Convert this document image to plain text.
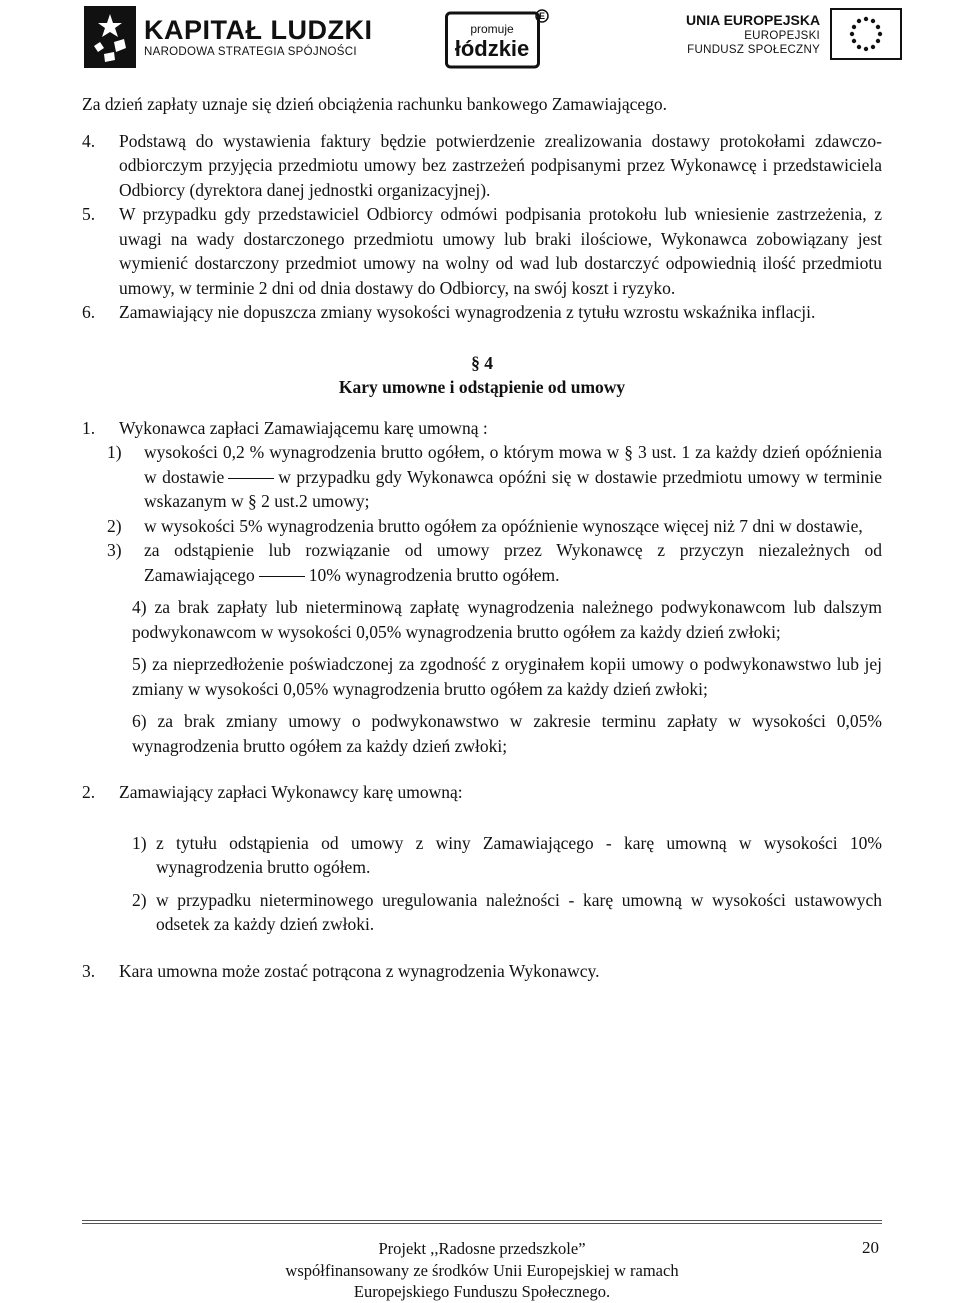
KAPITAŁ LUDZKI
NARODOWA STRATEGIA SPÓJNOŚCI
E
promuje
łódzkie
UNIA EUROPEJSKA
EUROPEJSKI
FUNDUSZ SPOŁECZNY

Za dzień zapłaty uznaje się dzień obciążenia rachunku bankowego Zamawiającego.

4. Podstawą do wystawienia faktury będzie potwierdzenie zrealizowania dostawy protokołami zdawczo-odbiorczym przyjęcia przedmiotu umowy bez zastrzeżeń podpisanymi przez Wykonawcę i przedstawiciela Odbiorcy (dyrektora danej jednostki organizacyjnej).
5. W przypadku gdy przedstawiciel Odbiorcy odmówi podpisania protokołu lub wniesienie zastrzeżenia, z uwagi na wady dostarczonego przedmiotu umowy lub braki ilościowe, Wykonawca zobowiązany jest wymienić dostarczony przedmiot umowy na wolny od wad lub dostarczyć odpowiednią ilość przedmiotu umowy, w terminie 2 dni od dnia dostawy do Odbiorcy, na swój koszt i ryzyko.
6. Zamawiający nie dopuszcza zmiany wysokości wynagrodzenia z tytułu wzrostu wskaźnika inflacji.
§ 4
Kary umowne i odstąpienie od umowy
1. Wykonawca zapłaci Zamawiającemu karę umowną :
1) wysokości 0,2 % wynagrodzenia brutto ogółem, o którym mowa w § 3 ust. 1 za każdy dzień opóźnienia w dostawie	w przypadku gdy Wykonawca opóźni się w dostawie przedmiotu umowy w terminie wskazanym w § 2 ust.2 umowy;
2) w wysokości 5% wynagrodzenia brutto ogółem za opóźnienie wynoszące więcej niż 7 dni w dostawie,
3) za odstąpienie lub rozwiązanie od umowy przez Wykonawcę z przyczyn niezależnych od Zamawiającego	10% wynagrodzenia brutto ogółem.

4) za brak zapłaty lub nieterminową zapłatę wynagrodzenia należnego podwykonawcom lub dalszym podwykonawcom w wysokości 0,05% wynagrodzenia brutto ogółem za każdy dzień zwłoki;

5) za nieprzedłożenie poświadczonej za zgodność z oryginałem kopii umowy o podwykonawstwo lub jej zmiany w wysokości 0,05% wynagrodzenia brutto ogółem za każdy dzień zwłoki;

6) za brak zmiany umowy o podwykonawstwo w zakresie terminu zapłaty w wysokości 0,05% wynagrodzenia brutto ogółem za każdy dzień zwłoki;

2. Zamawiający zapłaci Wykonawcy karę umowną:
1) z tytułu odstąpienia od umowy z winy Zamawiającego - karę umowną w wysokości 10% wynagrodzenia brutto ogółem.
2) w przypadku nieterminowego uregulowania należności - karę umowną w wysokości ustawowych odsetek za każdy dzień zwłoki.
3. Kara umowna może zostać potrącona z wynagrodzenia Wykonawcy.
Projekt ,,Radosne przedszkole”
współfinansowany ze środków Unii Europejskiej w ramach
Europejskiego Funduszu Społecznego.
20
